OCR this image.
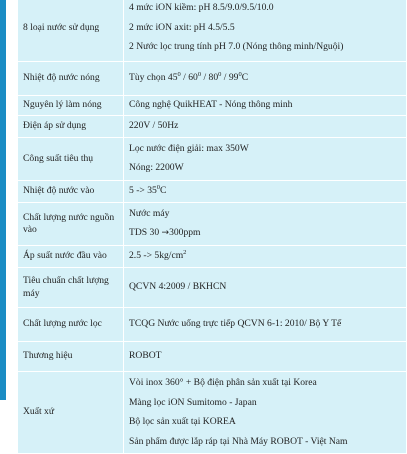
8 loại nước sử dụng	4 mức iON kiềm: pH 8.5/9.0/9.5/10.0
2 mức iON axit: pH 4.5/5.5
2 Nước lọc trung tính pH 7.0 (Nóng thông minh/Nguội)

Nhiệt độ nước nóng	Tùy chọn $45^0 / 60^0 / 80^0 / 99^0C$
Nguyên lý làm nóng	Công nghệ QuikHEAT - Nóng thông minh
Điện áp sử dụng	220V / 50Hz
Công suất tiêu thụ	Lọc nước điện giải: max 350W
Nóng: 2200W

Nhiệt độ nước vào	$5 -> 35^0C$
Chất lượng nước nguồn vào	Nước máy
TDS 30 →300ppm

Áp suất nước đầu vào	$2.5 -> 5kg/cm^2$
Tiêu chuẩn chất lượng máy	QCVN 4:2009 / BKHCN
Chất lượng nước lọc	TCQG Nước uống trực tiếp QCVN 6-1: 2010/ Bộ Y Tế
Thương hiệu	ROBOT
Xuất xứ	Vòi inox 360° + Bộ điện phân sản xuất tại Korea
Màng lọc iON Sumitomo - Japan
Bộ lọc sản xuất tại KOREA
Sản phẩm được lắp ráp tại Nhà Máy ROBOT - Việt Nam
